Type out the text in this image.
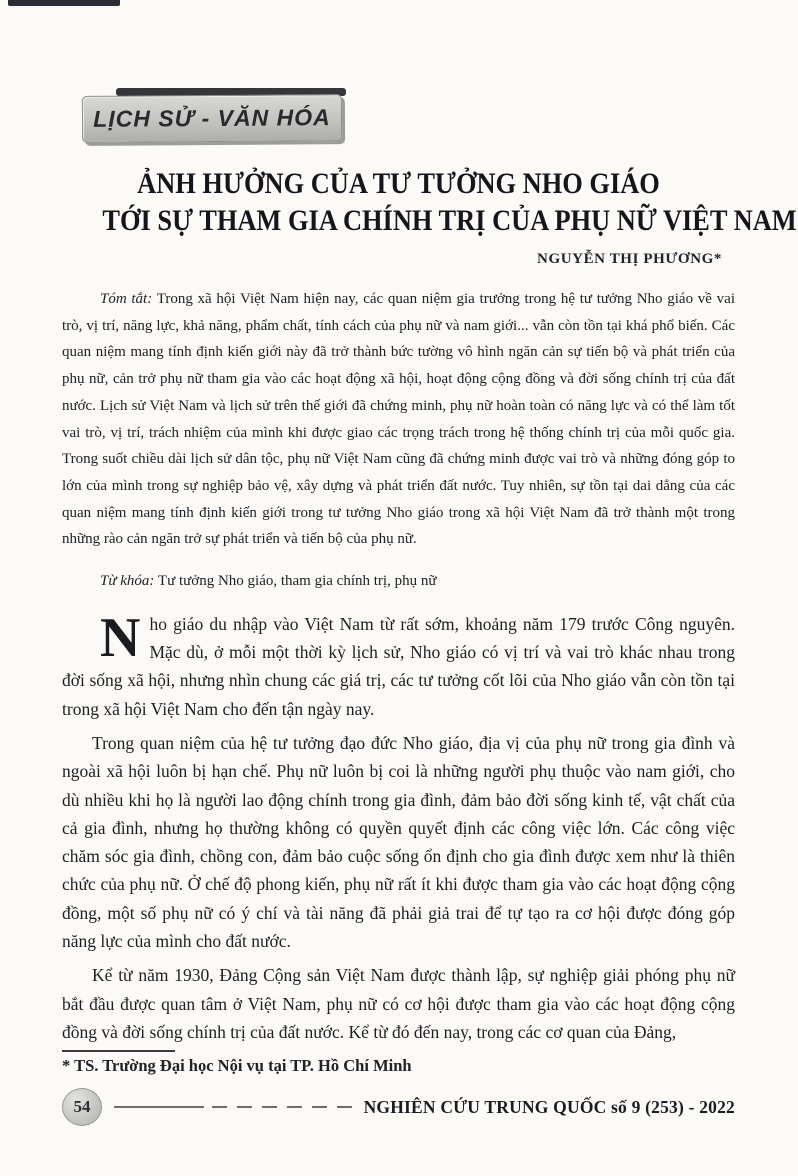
LỊCH SỬ - VĂN HÓA
ẢNH HƯỞNG CỦA TƯ TƯỞNG NHO GIÁO
TỚI SỰ THAM GIA CHÍNH TRỊ CỦA PHỤ NỮ VIỆT NAM
NGUYỄN THỊ PHƯƠNG*

Tóm tắt: Trong xã hội Việt Nam hiện nay, các quan niệm gia trưởng trong hệ tư tưởng Nho giáo về vai trò, vị trí, năng lực, khả năng, phẩm chất, tính cách của phụ nữ và nam giới... vẫn còn tồn tại khá phổ biến. Các quan niệm mang tính định kiến giới này đã trở thành bức tường vô hình ngăn cản sự tiến bộ và phát triển của phụ nữ, cản trở phụ nữ tham gia vào các hoạt động xã hội, hoạt động cộng đồng và đời sống chính trị của đất nước. Lịch sử Việt Nam và lịch sử trên thế giới đã chứng minh, phụ nữ hoàn toàn có năng lực và có thể làm tốt vai trò, vị trí, trách nhiệm của mình khi được giao các trọng trách trong hệ thống chính trị của mỗi quốc gia. Trong suốt chiều dài lịch sử dân tộc, phụ nữ Việt Nam cũng đã chứng minh được vai trò và những đóng góp to lớn của mình trong sự nghiệp bảo vệ, xây dựng và phát triển đất nước. Tuy nhiên, sự tồn tại dai dẳng của các quan niệm mang tính định kiến giới trong tư tưởng Nho giáo trong xã hội Việt Nam đã trở thành một trong những rào cản ngăn trở sự phát triển và tiến bộ của phụ nữ.

Từ khóa: Tư tưởng Nho giáo, tham gia chính trị, phụ nữ

Nho giáo du nhập vào Việt Nam từ rất sớm, khoảng năm 179 trước Công nguyên. Mặc dù, ở mỗi một thời kỳ lịch sử, Nho giáo có vị trí và vai trò khác nhau trong đời sống xã hội, nhưng nhìn chung các giá trị, các tư tưởng cốt lõi của Nho giáo vẫn còn tồn tại trong xã hội Việt Nam cho đến tận ngày nay.

Trong quan niệm của hệ tư tưởng đạo đức Nho giáo, địa vị của phụ nữ trong gia đình và ngoài xã hội luôn bị hạn chế. Phụ nữ luôn bị coi là những người phụ thuộc vào nam giới, cho dù nhiều khi họ là người lao động chính trong gia đình, đảm bảo đời sống kinh tế, vật chất của cả gia đình, nhưng họ thường không có quyền quyết định các công việc lớn. Các công việc chăm sóc gia đình, chồng con, đảm bảo cuộc sống ổn định cho gia đình được xem như là thiên chức của phụ nữ. Ở chế độ phong kiến, phụ nữ rất ít khi được tham gia vào các hoạt động cộng đồng, một số phụ nữ có ý chí và tài năng đã phải giả trai để tự tạo ra cơ hội được đóng góp năng lực của mình cho đất nước.

Kể từ năm 1930, Đảng Cộng sản Việt Nam được thành lập, sự nghiệp giải phóng phụ nữ bắt đầu được quan tâm ở Việt Nam, phụ nữ có cơ hội được tham gia vào các hoạt động cộng đồng và đời sống chính trị của đất nước. Kể từ đó đến nay, trong các cơ quan của Đảng,

* TS. Trường Đại học Nội vụ tại TP. Hồ Chí Minh

54	NGHIÊN CỨU TRUNG QUỐC số 9 (253) - 2022
